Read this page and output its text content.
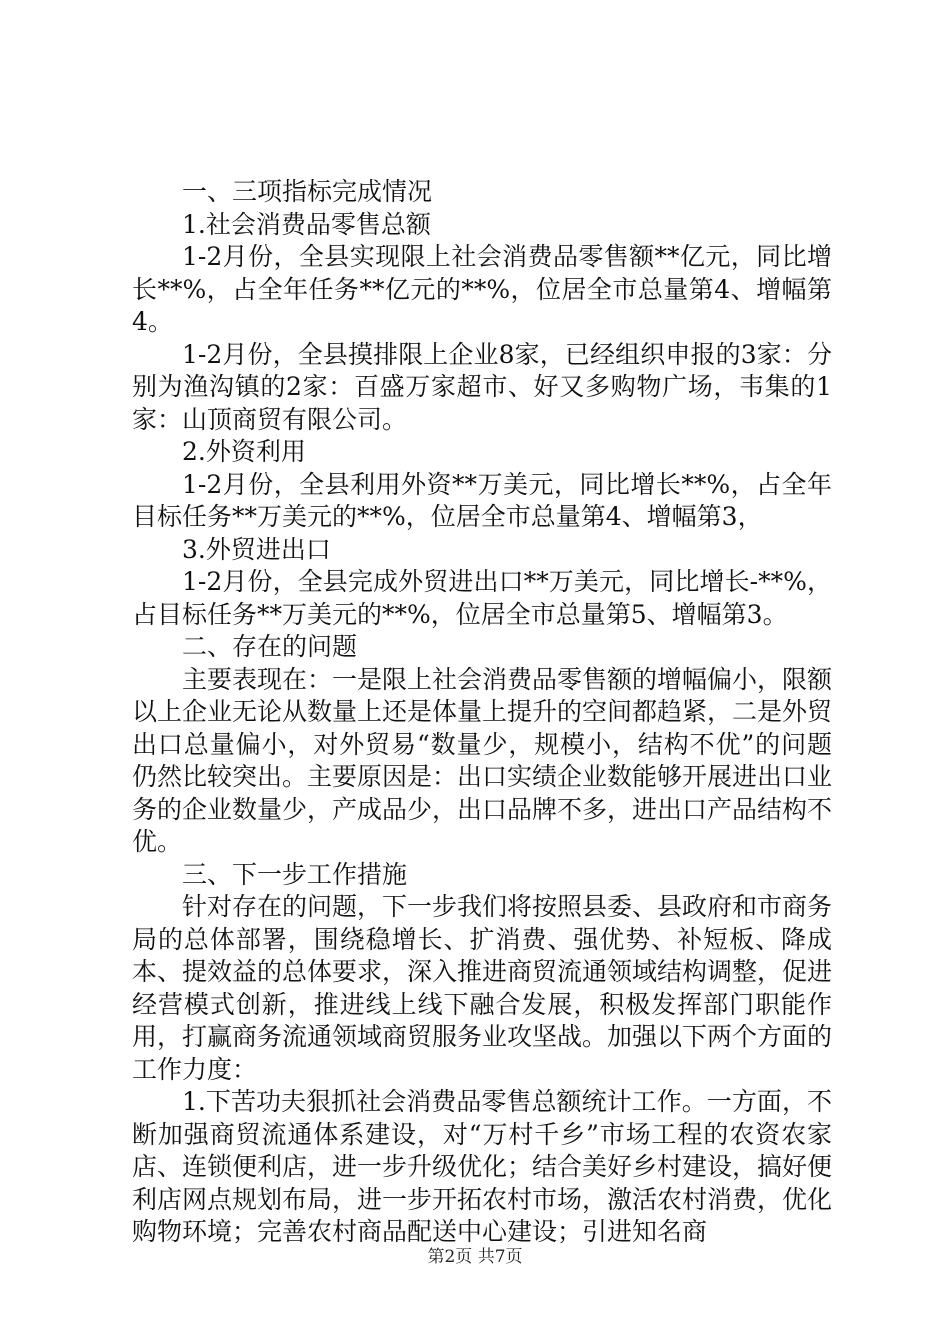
一、三项指标完成情况

1.社会消费品零售总额

1-2月份，全县实现限上社会消费品零售额**亿元，同比增长**%，占全年任务**亿元的**%，位居全市总量第4、增幅第4。

1-2月份，全县摸排限上企业8家，已经组织申报的3家：分别为渔沟镇的2家：百盛万家超市、好又多购物广场，韦集的1家：山顶商贸有限公司。

2.外资利用

1-2月份，全县利用外资**万美元，同比增长**%，占全年目标任务**万美元的**%，位居全市总量第4、增幅第3，

3.外贸进出口

1-2月份，全县完成外贸进出口**万美元，同比增长-**%，占目标任务**万美元的**%，位居全市总量第5、增幅第3。

二、存在的问题

主要表现在：一是限上社会消费品零售额的增幅偏小，限额以上企业无论从数量上还是体量上提升的空间都趋紧，二是外贸出口总量偏小，对外贸易“数量少，规模小，结构不优”的问题仍然比较突出。主要原因是：出口实绩企业数能够开展进出口业务的企业数量少，产成品少，出口品牌不多，进出口产品结构不优。

三、下一步工作措施

针对存在的问题，下一步我们将按照县委、县政府和市商务局的总体部署，围绕稳增长、扩消费、强优势、补短板、降成本、提效益的总体要求，深入推进商贸流通领域结构调整，促进经营模式创新，推进线上线下融合发展，积极发挥部门职能作用，打赢商务流通领域商贸服务业攻坚战。加强以下两个方面的工作力度：

1.下苦功夫狠抓社会消费品零售总额统计工作。一方面，不断加强商贸流通体系建设，对“万村千乡”市场工程的农资农家店、连锁便利店，进一步升级优化；结合美好乡村建设，搞好便利店网点规划布局，进一步开拓农村市场，激活农村消费，优化购物环境；完善农村商品配送中心建设；引进知名商

第2页 共7页
